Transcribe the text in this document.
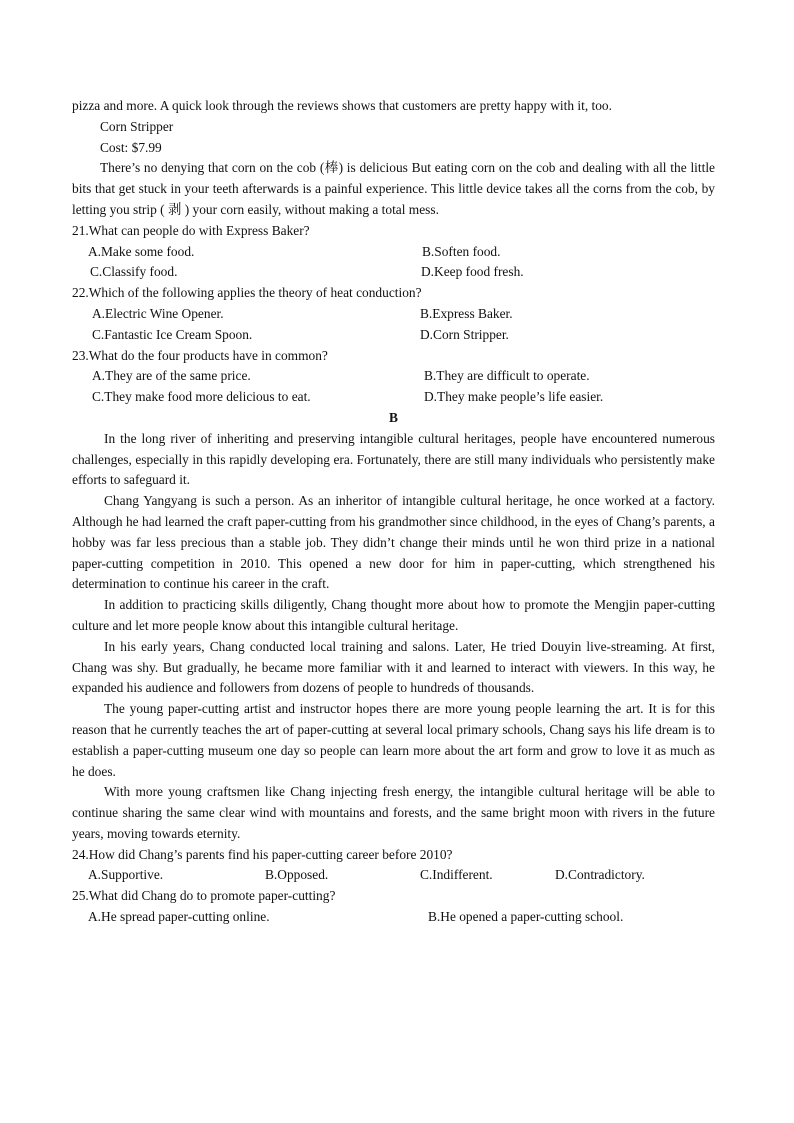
pizza and more. A quick look through the reviews shows that customers are pretty happy with it, too.

Corn Stripper

Cost: $7.99

There’s no denying that corn on the cob (棒) is delicious But eating corn on the cob and dealing with all the little bits that get stuck in your teeth afterwards is a painful experience. This little device takes all the corns from the cob, by letting you strip ( 剥 ) your corn easily, without making a total mess.

21.What can people do with Express Baker?

A.Make some food.	B.Soften food.
C.Classify food.	D.Keep food fresh.

22.Which of the following applies the theory of heat conduction?

A.Electric Wine Opener.	B.Express Baker.
C.Fantastic Ice Cream Spoon.	D.Corn Stripper.

23.What do the four products have in common?

A.They are of the same price.	B.They are difficult to operate.
C.They make food more delicious to eat.	D.They make people’s life easier.

B

In the long river of inheriting and preserving intangible cultural heritages, people have encountered numerous challenges, especially in this rapidly developing era. Fortunately, there are still many individuals who persistently make efforts to safeguard it.

Chang Yangyang is such a person. As an inheritor of intangible cultural heritage, he once worked at a factory. Although he had learned the craft paper-cutting from his grandmother since childhood, in the eyes of Chang’s parents, a hobby was far less precious than a stable job. They didn’t change their minds until he won third prize in a national paper-cutting competition in 2010. This opened a new door for him in paper-cutting, which strengthened his determination to continue his career in the craft.

In addition to practicing skills diligently, Chang thought more about how to promote the Mengjin paper-cutting culture and let more people know about this intangible cultural heritage.

In his early years, Chang conducted local training and salons. Later, He tried Douyin live-streaming. At first, Chang was shy. But gradually, he became more familiar with it and learned to interact with viewers. In this way, he expanded his audience and followers from dozens of people to hundreds of thousands.

The young paper-cutting artist and instructor hopes there are more young people learning the art. It is for this reason that he currently teaches the art of paper-cutting at several local primary schools, Chang says his life dream is to establish a paper-cutting museum one day so people can learn more about the art form and grow to love it as much as he does.

With more young craftsmen like Chang injecting fresh energy, the intangible cultural heritage will be able to continue sharing the same clear wind with mountains and forests, and the same bright moon with rivers in the future years, moving towards eternity.

24.How did Chang’s parents find his paper-cutting career before 2010?

A.Supportive.	B.Opposed.	C.Indifferent.	D.Contradictory.

25.What did Chang do to promote paper-cutting?

A.He spread paper-cutting online.	B.He opened a paper-cutting school.
